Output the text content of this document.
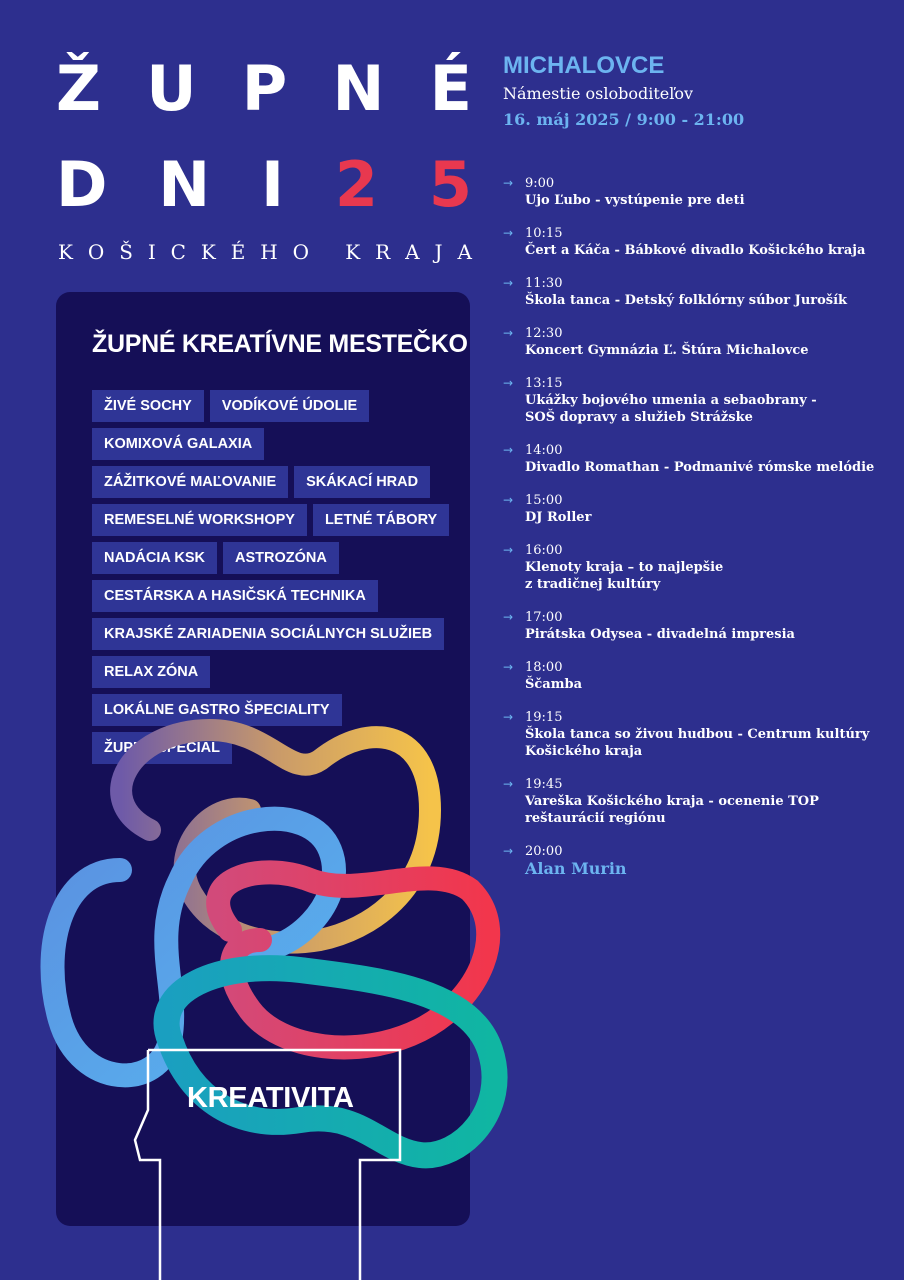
Ž U P N É
D N I 2 5
K O Š I C K É H O
K R A J A
ŽUPNÉ KREATÍVNE MESTEČKO
ŽIVÉ SOCHY	VODÍKOVÉ ÚDOLIE
KOMIXOVÁ GALAXIA
ZÁŽITKOVÉ MAĽOVANIE	SKÁKACÍ HRAD
REMESELNÉ WORKSHOPY	LETNÉ TÁBORY
NADÁCIA KSK	ASTROZÓNA
CESTÁRSKA A HASIČSKÁ TECHNIKA
KRAJSKÉ ZARIADENIA SOCIÁLNYCH SLUŽIEB
RELAX ZÓNA
LOKÁLNE GASTRO ŠPECIALITY
ŽUPNÝ ŠPECIÁL
KREATIVITA
MICHALOVCE
Námestie osloboditeľov
16. máj 2025 / 9:00 - 21:00
→ 9:00
Ujo Ľubo - vystúpenie pre deti
→ 10:15
Čert a Káča - Bábkové divadlo Košického kraja
→ 11:30
Škola tanca - Detský folklórny súbor Jurošík
→ 12:30
Koncert Gymnázia Ľ. Štúra Michalovce
→ 13:15
Ukážky bojového umenia a sebaobrany -
SOŠ dopravy a služieb Strážske
→ 14:00
Divadlo Romathan - Podmanivé rómske melódie
→ 15:00
DJ Roller
→ 16:00
Klenoty kraja – to najlepšie
z tradičnej kultúry
→ 17:00
Pirátska Odysea - divadelná impresia
→ 18:00
Ščamba
→ 19:15
Škola tanca so živou hudbou - Centrum kultúry
Košického kraja
→ 19:45
Vareška Košického kraja - ocenenie TOP
reštaurácií regiónu
→ 20:00
Alan Murin
